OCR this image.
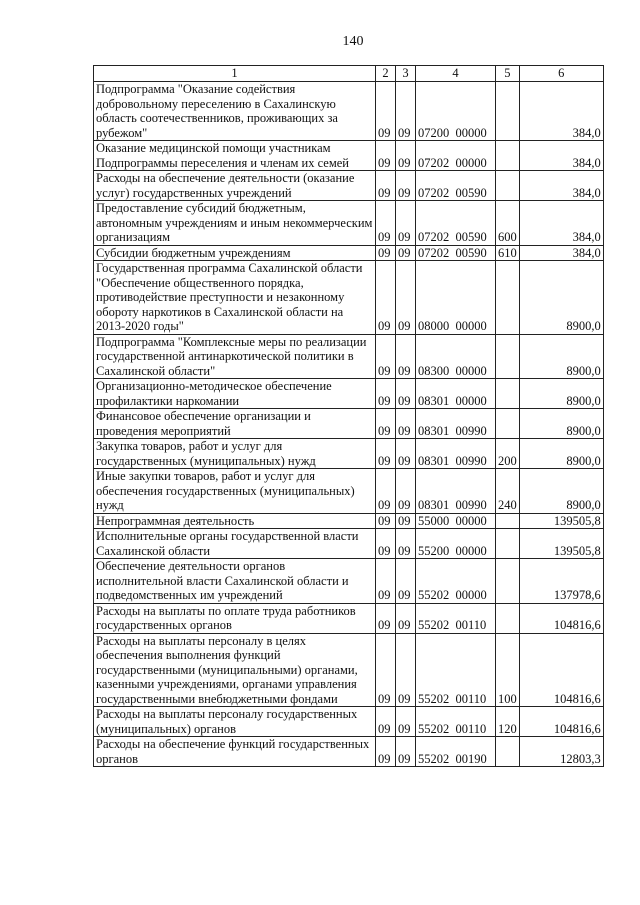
140
1	2	3	4	5	6
Подпрограмма "Оказание содействия добровольному переселению в Сахалинскую область соотечественников, проживающих за рубежом"	09	09	07200  00000		384,0
Оказание медицинской помощи участникам Подпрограммы переселения и членам их семей	09	09	07202  00000		384,0
Расходы на обеспечение деятельности (оказание услуг) государственных учреждений	09	09	07202  00590		384,0
Предоставление субсидий бюджетным, автономным учреждениям и иным некоммерческим организациям	09	09	07202  00590	600	384,0
Субсидии бюджетным учреждениям	09	09	07202  00590	610	384,0
Государственная программа Сахалинской области "Обеспечение общественного порядка, противодействие преступности и незаконному обороту наркотиков в Сахалинской области на 2013-2020 годы"	09	09	08000  00000		8900,0
Подпрограмма "Комплексные меры по реализации государственной антинаркотической политики в Сахалинской области"	09	09	08300  00000		8900,0
Организационно-методическое обеспечение профилактики наркомании	09	09	08301  00000		8900,0
Финансовое обеспечение организации и проведения мероприятий	09	09	08301  00990		8900,0
Закупка товаров, работ и услуг для государственных (муниципальных) нужд	09	09	08301  00990	200	8900,0
Иные закупки товаров, работ и услуг для обеспечения государственных (муниципальных) нужд	09	09	08301  00990	240	8900,0
Непрограммная деятельность	09	09	55000  00000		139505,8
Исполнительные органы государственной власти Сахалинской области	09	09	55200  00000		139505,8
Обеспечение деятельности органов исполнительной власти Сахалинской области и подведомственных им учреждений	09	09	55202  00000		137978,6
Расходы на выплаты по оплате труда работников государственных органов	09	09	55202  00110		104816,6
Расходы на выплаты персоналу в целях обеспечения выполнения функций государственными (муниципальными) органами, казенными учреждениями, органами управления государственными внебюджетными фондами	09	09	55202  00110	100	104816,6
Расходы на выплаты персоналу государственных (муниципальных) органов	09	09	55202  00110	120	104816,6
Расходы на обеспечение функций государственных органов	09	09	55202  00190		12803,3
